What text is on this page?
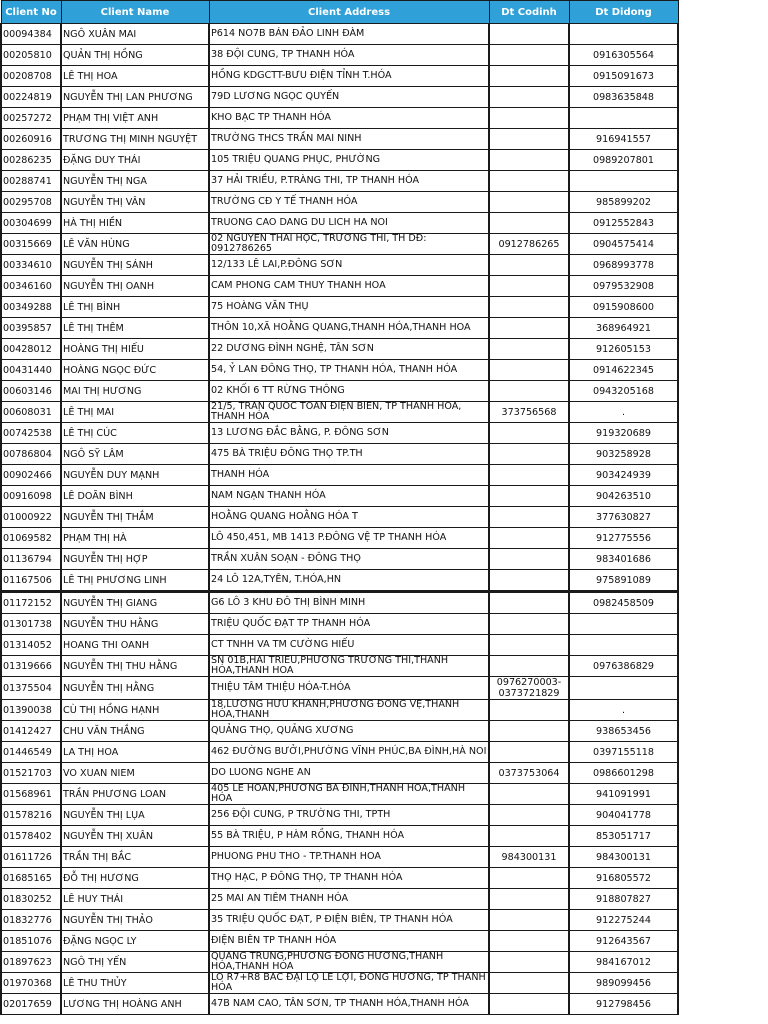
Client No	Client Name	Client Address	Dt Codinh	Dt Didong
00094384	NGÔ XUÂN MAI	P614 NO7B BÁN ĐẢO LINH ĐÀM		
00205810	QUẢN THỊ HỒNG	38 ĐỘI CUNG, TP THANH HÓA		0916305564
00208708	LÊ THỊ HOA	HỒNG KDGCTT-BƯU ĐIỆN TỈNH T.HÓA		0915091673
00224819	NGUYỄN THỊ LAN PHƯƠNG	79D LƯƠNG NGỌC QUYẾN		0983635848
00257272	PHẠM THỊ VIỆT ANH	KHO BẠC TP THANH HÓA		
00260916	TRƯƠNG THỊ MINH NGUYỆT	TRƯỜNG THCS TRẦN MAI NINH		916941557
00286235	ĐẶNG DUY THÁI	105 TRIỆU QUANG PHỤC, PHƯỜNG		0989207801
00288741	NGUYỄN THỊ NGA	37 HẢI TRIỀU, P.TRÀNG THI, TP THANH HÓA		
00295708	NGUYỄN THỊ VÂN	TRƯỜNG CĐ Y TẾ THANH HÓA		985899202
00304699	HÀ THỊ HIỀN	TRUONG CAO DANG DU LICH HA NOI		0912552843
00315669	LÊ VĂN HÙNG	02 NGUYỄN THÁI HỌC, TRƯỜNG THI, TH DĐ: 0912786265	0912786265	0904575414
00334610	NGUYỄN THỊ SÁNH	12/133 LÊ LAI,P.ĐÔNG SƠN		0968993778
00346160	NGUYỄN THỊ OANH	CAM PHONG CAM THUY THANH HOA		0979532908
00349288	LÊ THỊ BÌNH	75 HOÀNG VĂN THỤ		0915908600
00395857	LÊ THỊ THÊM	THÔN 10,XÃ HOẰNG QUANG,THANH HÓA,THANH HOA		368964921
00428012	HOÀNG THỊ HIẾU	22 DƯƠNG ĐÌNH NGHỆ, TÂN SƠN		912605153
00431440	HOÀNG NGỌC ĐỨC	54, Ỷ LAN ĐÔNG THỌ, TP THANH HÓA, THANH HÓA		0914622345
00603146	MAI THỊ HƯƠNG	02 KHỐI 6 TT RỪNG THÔNG		0943205168
00608031	LÊ THỊ MAI	21/5, TRẦN QUỐC TOẢN ĐIỆN BIÊN, TP THANH HÓA, THANH HÓA	373756568	.
00742538	LÊ THỊ CÚC	13 LƯƠNG ĐẮC BẰNG, P. ĐÔNG SƠN		919320689
00786804	NGÔ SỸ LÂM	475 BÀ TRIỆU ĐÔNG THỌ TP.TH		903258928
00902466	NGUYỄN DUY MẠNH	THANH HÓA		903424939
00916098	LÊ DOÃN BÌNH	NAM NGẠN THANH HÓA		904263510
01000922	NGUYỄN THỊ THẮM	HOẰNG QUANG HOẰNG HÓA T		377630827
01069582	PHẠM THỊ HÀ	LÔ 450,451, MB 1413 P.ĐÔNG VỆ TP THANH HÓA		912775556
01136794	NGUYỄN THỊ HỢP	TRẦN XUÂN SOẠN - ĐÔNG THỌ		983401686
01167506	LÊ THỊ PHƯƠNG LINH	24 LÔ 12A,TYÊN, T.HÓA,HN		975891089
01172152	NGUYỄN THỊ GIANG	G6 LÔ 3 KHU ĐÔ THỊ BÌNH MINH		0982458509
01301738	NGUYỄN THU HẰNG	TRIỆU QUỐC ĐẠT TP THANH HÓA		
01314052	HOANG THI OANH	CT TNHH VA TM CƯỜNG HIẾU		
01319666	NGUYỄN THỊ THU HẰNG	SN 01B,HẢI TRIỀU,PHƯỜNG TRƯỜNG THI,THANH HÓA,THANH HOA		0976386829
01375504	NGUYỄN THỊ HẰNG	THIỆU TÂM THIỆU HÓA-T.HÓA	0976270003-0373721829	
01390038	CÙ THỊ HỒNG HẠNH	18,LƯƠNG HỮU KHÁNH,PHƯỜNG ĐÔNG VỆ,THANH HÓA,THANH		.
01412427	CHU VĂN THẮNG	QUẢNG THỌ, QUẢNG XƯƠNG		938653456
01446549	LA THỊ HOA	462 ĐƯỜNG BƯỞI,PHƯỜNG VĨNH PHÚC,BA ĐÌNH,HÀ NOI		0397155118
01521703	VO XUAN NIEM	DO LUONG NGHE AN	0373753064	0986601298
01568961	TRẦN PHƯƠNG LOAN	405 LÊ HOÀN,PHƯỜNG BA ĐÌNH,THANH HÓA,THANH HÓA		941091991
01578216	NGUYỄN THỊ LỤA	256 ĐỘI CUNG, P TRƯỜNG THI, TPTH		904041778
01578402	NGUYỄN THỊ XUÂN	55 BÀ TRIỆU, P HÀM RỒNG, THANH HÓA		853051717
01611726	TRẦN THỊ BẮC	PHUONG PHU THO - TP.THANH HOA	984300131	984300131
01685165	ĐỖ THỊ HƯƠNG	THỌ HẠC, P ĐÔNG THỌ, TP THANH HÓA		916805572
01830252	LÊ HUY THÁI	25 MAI AN TIÊM THANH HÓA		918807827
01832776	NGUYỄN THỊ THẢO	35 TRIỆU QUỐC ĐẠT, P ĐIỆN BIÊN, TP THANH HÓA		912275244
01851076	ĐẶNG NGỌC LY	ĐIỆN BIÊN TP THANH HÓA		912643567
01897623	NGÔ THỊ YẾN	QUẢNG TRUNG,PHƯỜNG ĐÔNG HƯƠNG,THANH HÓA,THANH HÓA		984167012
01970368	LÊ THU THỦY	LÔ R7+R8 BẮC ĐẠI LỘ LÊ LỢI, ĐÔNG HƯƠNG, TP THANH HÓA		989099456
02017659	LƯƠNG THỊ HOÀNG ANH	47B NAM CAO, TÂN SƠN, TP THANH HÓA,THANH HÓA		912798456
